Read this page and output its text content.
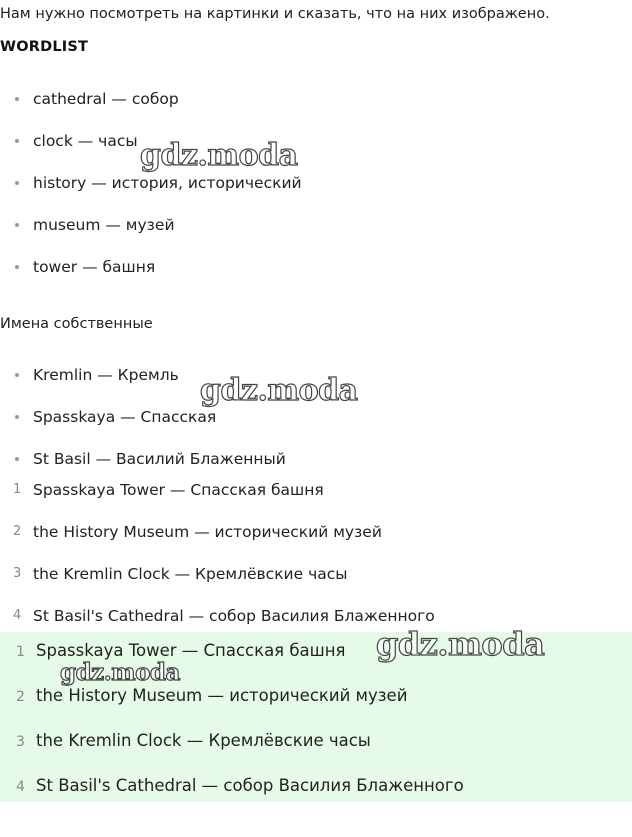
Нам нужно посмотреть на картинки и сказать, что на них изображено.
WORDLIST
cathedral — собор
clock — часы
history — история, исторический
museum — музей
tower — башня
Имена собственные
Kremlin — Кремль
Spasskaya — Спасская
St Basil — Василий Блаженный
1 Spasskaya Tower — Спасская башня
2 the History Museum — исторический музей
3 the Kremlin Clock — Кремлёвские часы
4 St Basil's Cathedral — собор Василия Блаженного
1 Spasskaya Tower — Спасская башня
2 the History Museum — исторический музей
3 the Kremlin Clock — Кремлёвские часы
4 St Basil's Cathedral — собор Василия Блаженного
gdz.moda
gdz.moda
gdz.moda
gdz.moda
